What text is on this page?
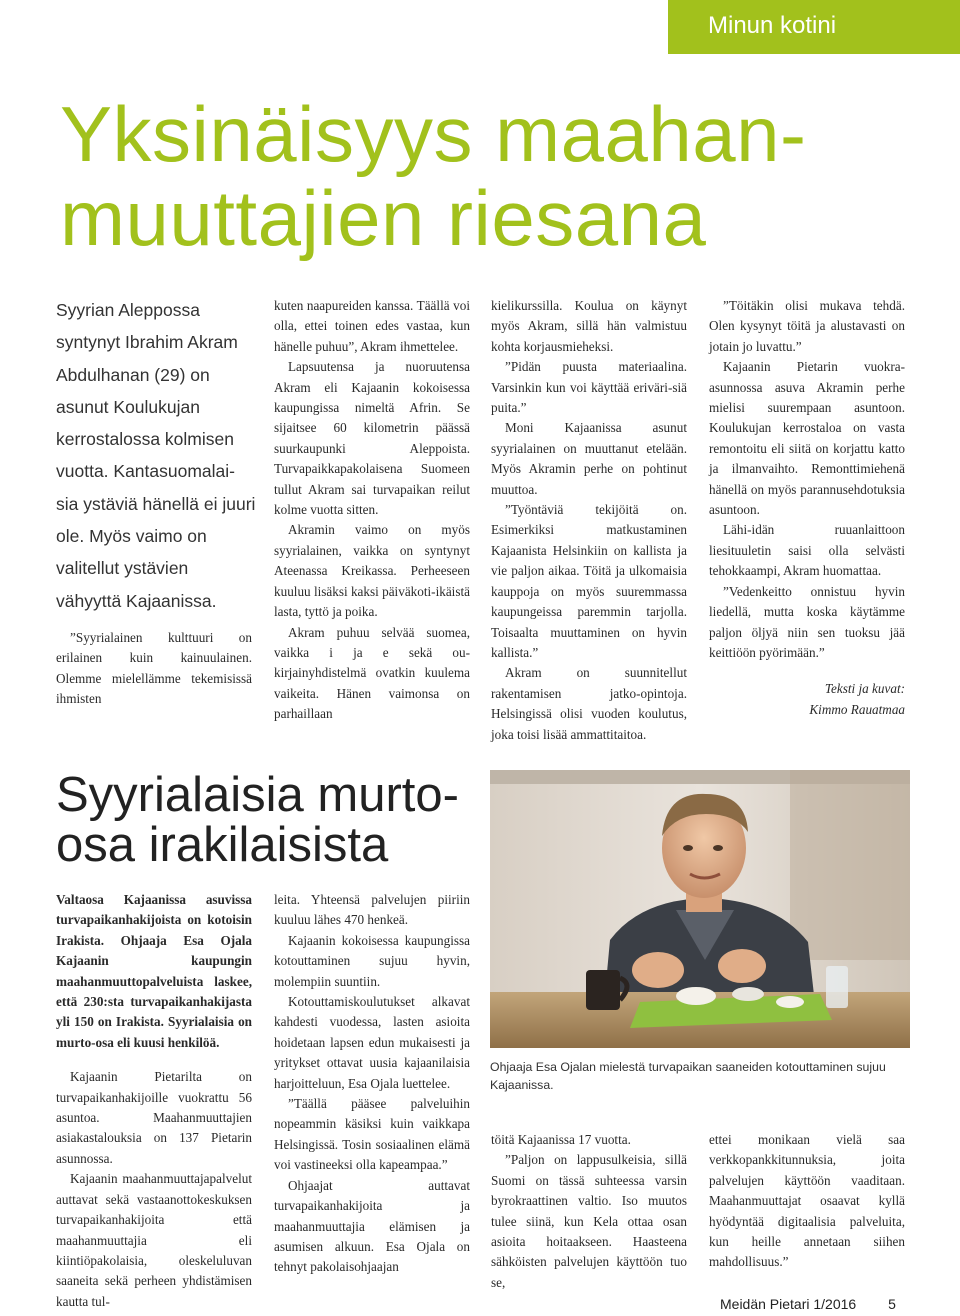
Minun kotini
Yksinäisyys maahan-
muuttajien riesana
Syyrian Aleppossa
syntynyt Ibrahim Akram
Abdulhanan (29) on
asunut Koulukujan
kerrostalossa kolmisen
vuotta. Kantasuomalai-
sia ystäviä hänellä ei juuri
ole. Myös vaimo on
valitellut ystävien
vähyyttä Kajaanissa.

”Syyrialainen kulttuuri on erilainen kuin kainuulainen. Olemme mielellämme tekemisissä ihmisten

kuten naapureiden kanssa. Täällä voi olla, ettei toinen edes vastaa, kun hänelle puhuu”, Akram ihmettelee.

Lapsuutensa ja nuoruutensa Akram eli Kajaanin kokoisessa kaupungissa nimeltä Afrin. Se sijaitsee 60 kilometrin päässä suurkaupunki Aleppoista. Turvapaikkapakolaisena Suomeen tullut Akram sai turvapaikan reilut kolme vuotta sitten.

Akramin vaimo on myös syyrialainen, vaikka on syntynyt Ateenassa Kreikassa. Perheeseen kuuluu lisäksi kaksi päiväkoti-ikäistä lasta, tyttö ja poika.

Akram puhuu selvää suomea, vaikka i ja e sekä ou-kirjainyhdistelmä ovatkin kuulema vaikeita. Hänen vaimonsa on parhaillaan

kielikurssilla. Koulua on käynyt myös Akram, sillä hän valmistuu kohta korjausmieheksi.

”Pidän puusta materiaalina. Varsinkin kun voi käyttää eriväri-siä puita.”

Moni Kajaanissa asunut syyrialainen on muuttanut etelään. Myös Akramin perhe on pohtinut muuttoa.

”Työntäviä tekijöitä on. Esimerkiksi matkustaminen Kajaanista Helsinkiin on kallista ja vie paljon aikaa. Töitä ja ulkomaisia kauppoja on myös suuremmassa kaupungeissa paremmin tarjolla. Toisaalta muuttaminen on hyvin kallista.”

Akram on suunnitellut rakentamisen jatko-opintoja. Helsingissä olisi vuoden koulutus, joka toisi lisää ammattitaitoa.

”Töitäkin olisi mukava tehdä. Olen kysynyt töitä ja alustavasti on jotain jo luvattu.”

Kajaanin Pietarin vuokra-asunnossa asuva Akramin perhe mielisi suurempaan asuntoon. Koulukujan kerrostaloa on vasta remontoitu eli siitä on korjattu katto ja ilmanvaihto. Remonttimiehenä hänellä on myös parannusehdotuksia asuntoon.

Lähi-idän ruuanlaittoon liesituuletin saisi olla selvästi tehokkaampi, Akram huomattaa.

”Vedenkeitto onnistuu hyvin liedellä, mutta koska käytämme paljon öljyä niin sen tuoksu jää keittiöön pyörimään.”

Teksti ja kuvat:
Kimmo Rauatmaa

Syyrialaisia murto-
osa irakilaisista

Valtaosa Kajaanissa asuvissa turvapaikanhakijoista on kotoisin Irakista. Ohjaaja Esa Ojala Kajaanin kaupungin maahanmuuttopalveluista laskee, että 230:sta turvapaikanhakijasta yli 150 on Irakista. Syyrialaisia on murto-osa eli kuusi henkilöä.

Kajaanin Pietarilta on turvapaikanhakijoille vuokrattu 56 asuntoa. Maahanmuuttajien asiakastalouksia on 137 Pietarin asunnossa.

Kajaanin maahanmuuttajapalvelut auttavat sekä vastaanottokeskuksen turvapaikanhakijoita että maahanmuuttajia eli kiintiöpakolaisia, oleskeluluvan saaneita sekä perheen yhdistämisen kautta tul-

leita. Yhteensä palvelujen piiriin kuuluu lähes 470 henkeä.

Kajaanin kokoisessa kaupungissa kotouttaminen sujuu hyvin, molempiin suuntiin.

Kotouttamiskoulutukset alkavat kahdesti vuodessa, lasten asioita hoidetaan lapsen edun mukaisesti ja yritykset ottavat uusia kajaanilaisia harjoitteluun, Esa Ojala luettelee.

”Täällä pääsee palveluihin nopeammin käsiksi kuin vaikkapa Helsingissä. Tosin sosiaalinen elämä voi vastineeksi olla kapeampaa.”

Ohjaajat auttavat turvapaikanhakijoita ja maahanmuuttajia elämisen ja asumisen alkuun. Esa Ojala on tehnyt pakolaisohjaajan

Ohjaaja Esa Ojalan mielestä turvapaikan saaneiden kotouttaminen sujuu Kajaanissa.

töitä Kajaanissa 17 vuotta.

”Paljon on lappusulkeisia, sillä Suomi on tässä suhteessa varsin byrokraattinen valtio. Iso muutos tulee siinä, kun Kela ottaa osan asioita hoitaakseen. Haasteena sähköisten palvelujen käyttöön tuo se,

ettei monikaan vielä saa verkkopankkitunnuksia, joita palvelujen käyttöön vaaditaan. Maahanmuuttajat osaavat kyllä hyödyntää digitaalisia palveluita, kun heille annetaan siihen mahdollisuus.”

Meidän Pietari 1/2016 5
